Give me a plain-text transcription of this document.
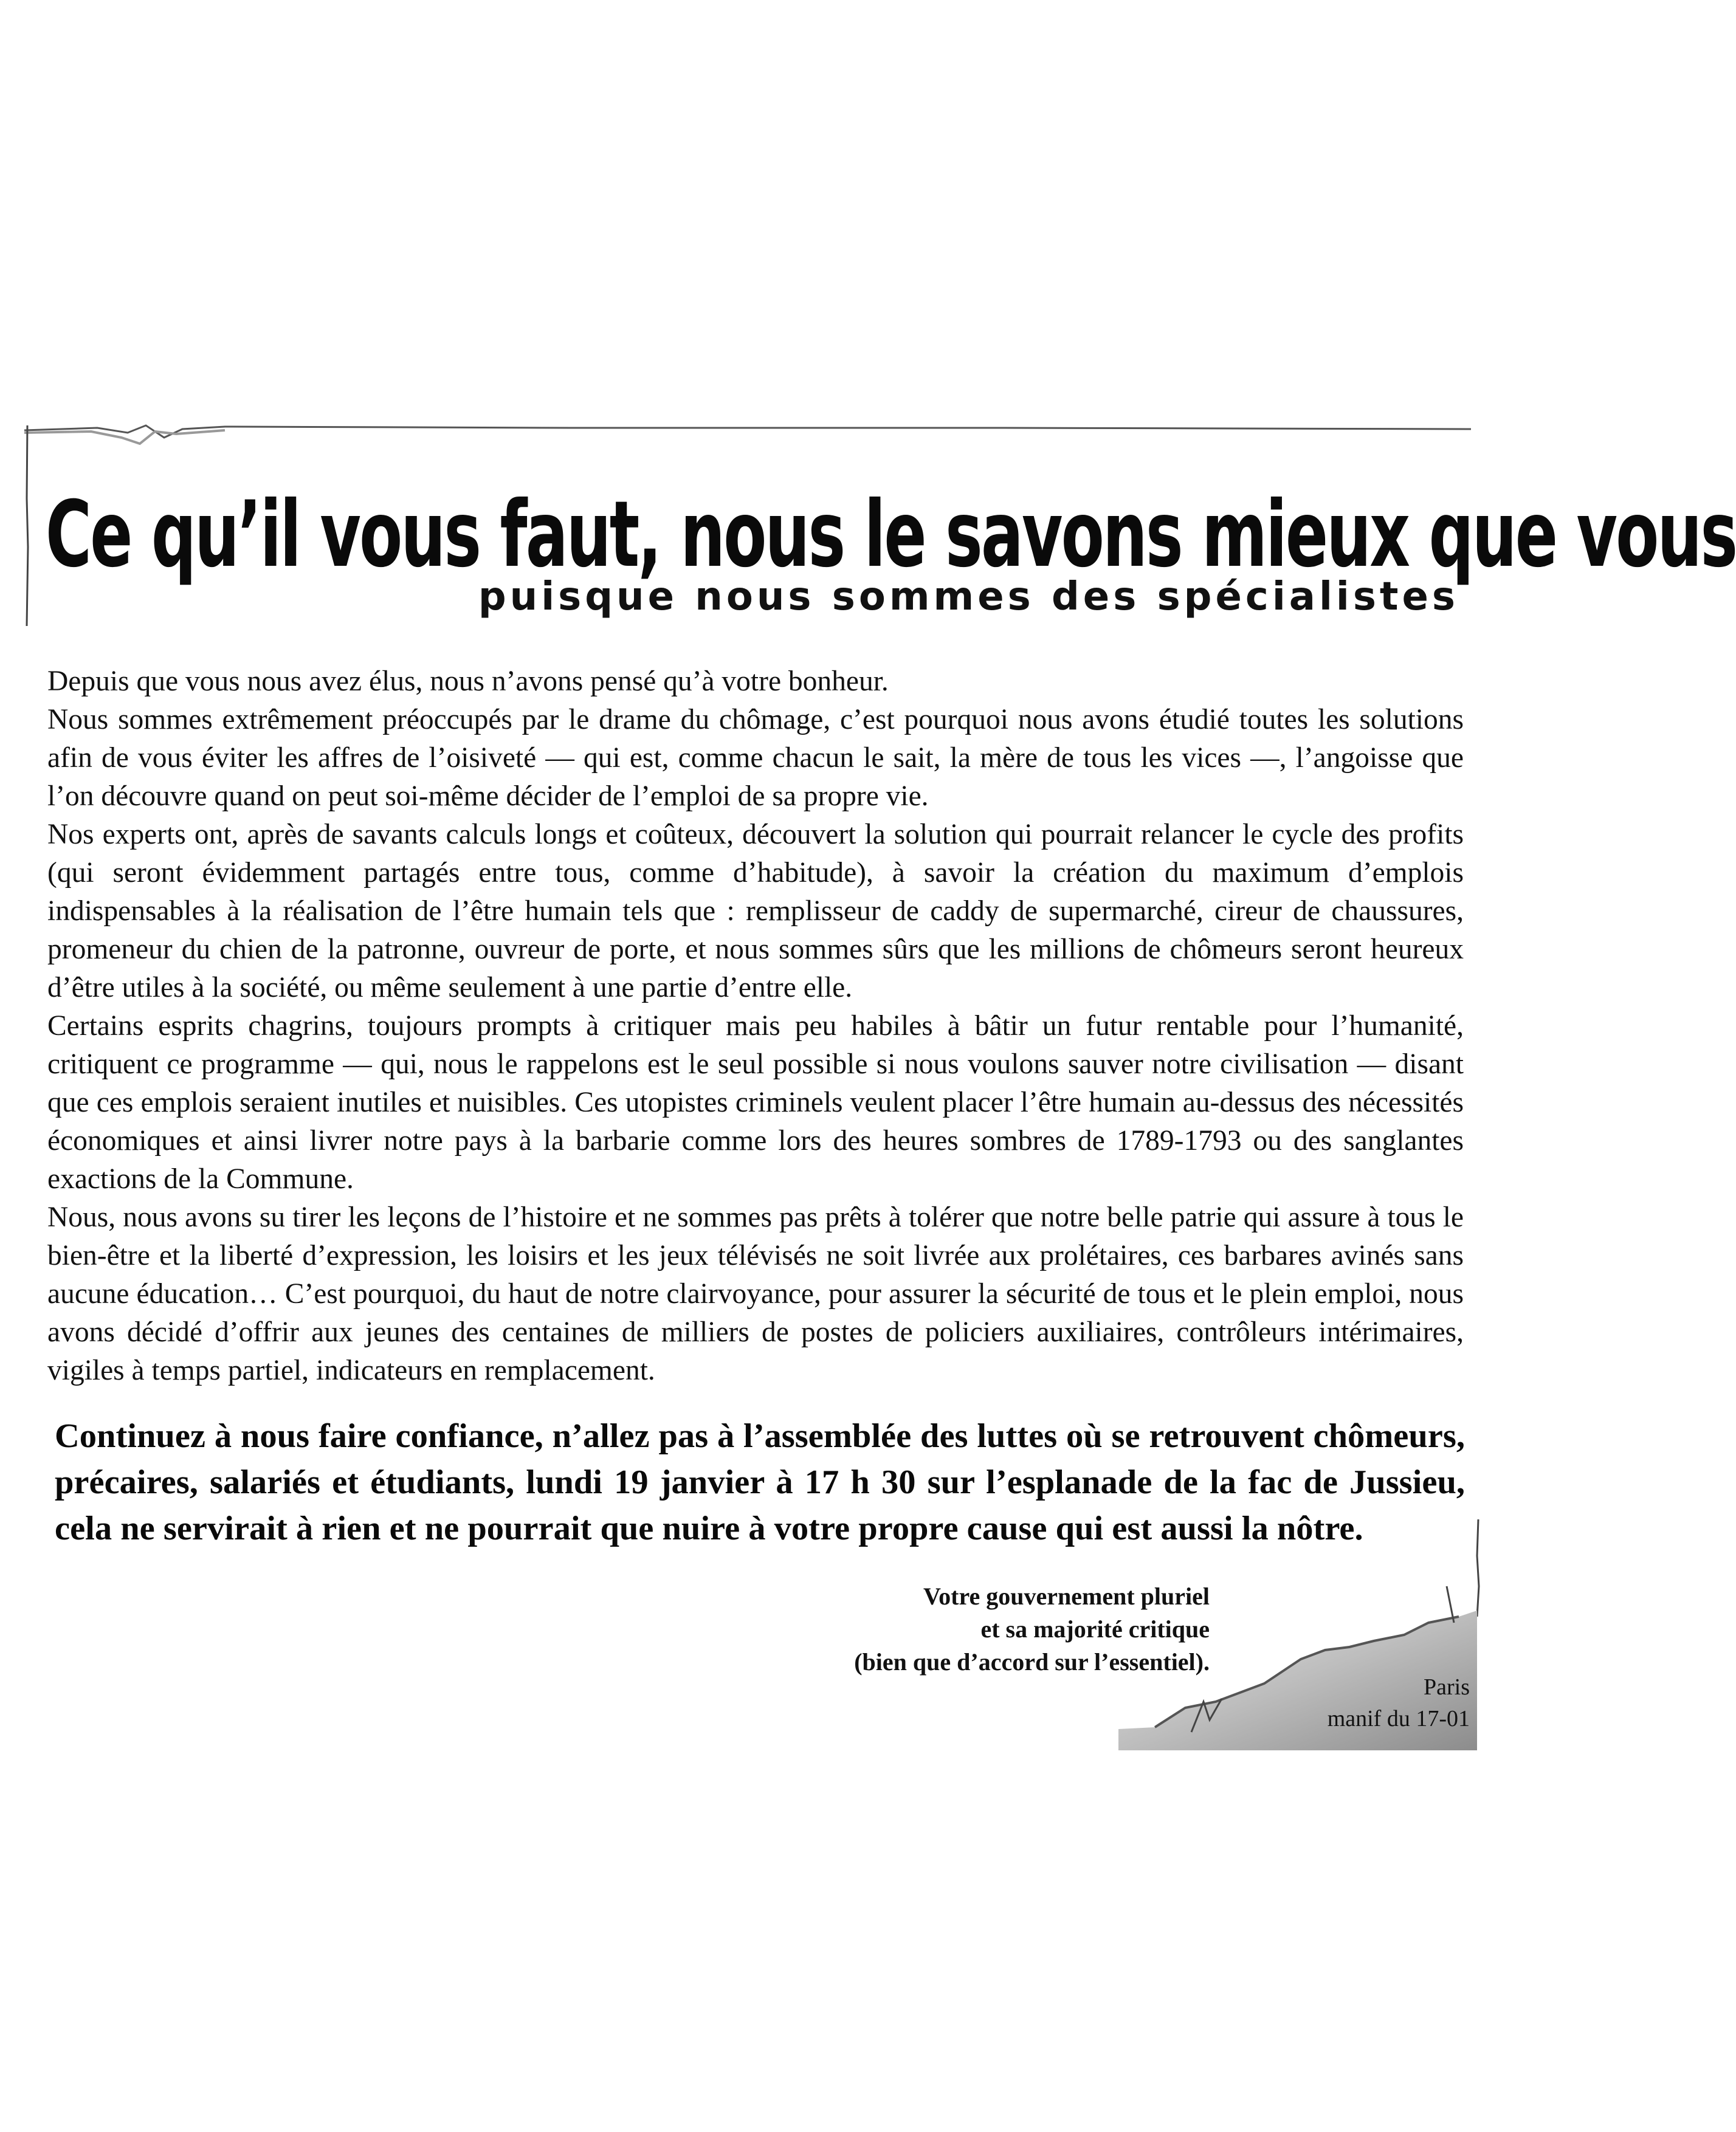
Ce qu’il vous faut, nous le savons mieux que vous
puisque nous sommes des spécialistes

Depuis que vous nous avez élus, nous n’avons pensé qu’à votre bonheur.

Nous sommes extrêmement préoccupés par le drame du chômage, c’est pourquoi nous avons étudié toutes les solutions afin de vous éviter les affres de l’oisiveté — qui est, comme chacun le sait, la mère de tous les vices —, l’angoisse que l’on découvre quand on peut soi-même décider de l’emploi de sa propre vie.

Nos experts ont, après de savants calculs longs et coûteux, découvert la solution qui pourrait relancer le cycle des profits (qui seront évidemment partagés entre tous, comme d’habitude), à savoir la création du maximum d’emplois indispensables à la réalisation de l’être humain tels que : remplisseur de caddy de supermarché, cireur de chaussures, promeneur du chien de la patronne, ouvreur de porte, et nous sommes sûrs que les millions de chômeurs seront heureux d’être utiles à la société, ou même seulement à une partie d’entre elle.

Certains esprits chagrins, toujours prompts à critiquer mais peu habiles à bâtir un futur rentable pour l’humanité, critiquent ce programme — qui, nous le rappelons est le seul possible si nous voulons sauver notre civilisation — disant que ces emplois seraient inutiles et nuisibles. Ces utopistes criminels veulent placer l’être humain au-dessus des nécessités économiques et ainsi livrer notre pays à la barbarie comme lors des heures sombres de 1789-1793 ou des sanglantes exactions de la Commune.

Nous, nous avons su tirer les leçons de l’histoire et ne sommes pas prêts à tolérer que notre belle patrie qui assure à tous le bien-être et la liberté d’expression, les loisirs et les jeux télévisés ne soit livrée aux prolétaires, ces barbares avinés sans aucune éducation… C’est pourquoi, du haut de notre clairvoyance, pour assurer la sécurité de tous et le plein emploi, nous avons décidé d’offrir aux jeunes des centaines de milliers de postes de policiers auxiliaires, contrôleurs intérimaires, vigiles à temps partiel, indicateurs en remplacement.

Continuez à nous faire confiance, n’allez pas à l’assemblée des luttes où se retrouvent chômeurs, précaires, salariés et étudiants, lundi 19 janvier à 17 h 30 sur l’esplanade de la fac de Jussieu, cela ne servirait à rien et ne pourrait que nuire à votre propre cause qui est aussi la nôtre.
Votre gouvernement pluriel
et sa majorité critique
(bien que d’accord sur l’essentiel).
Paris
manif du 17-01
